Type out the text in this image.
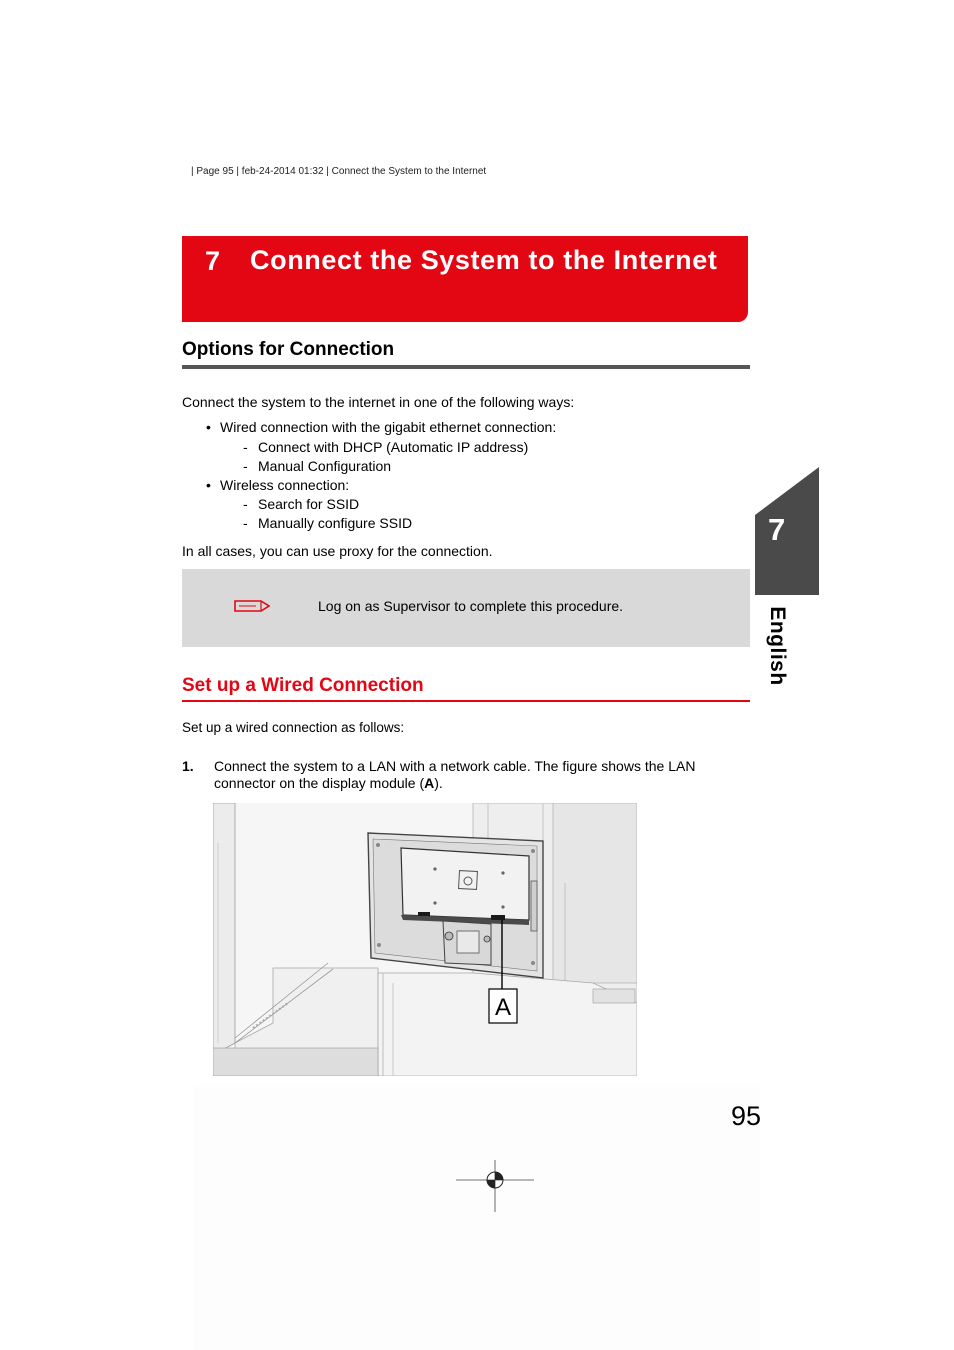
| Page 95 | feb-24-2014 01:32 | Connect the System to the Internet
7 Connect the System to the Internet
Options for Connection
Connect the system to the internet in one of the following ways:
• Wired connection with the gigabit ethernet connection:
- Connect with DHCP (Automatic IP address)
- Manual Configuration
• Wireless connection:
- Search for SSID
- Manually configure SSID
In all cases, you can use proxy for the connection.
Log on as Supervisor to complete this procedure.
Set up a Wired Connection
Set up a wired connection as follows:
1. Connect the system to a LAN with a network cable. The figure shows the LAN
connector on the display module (A).
A
7
English
95
